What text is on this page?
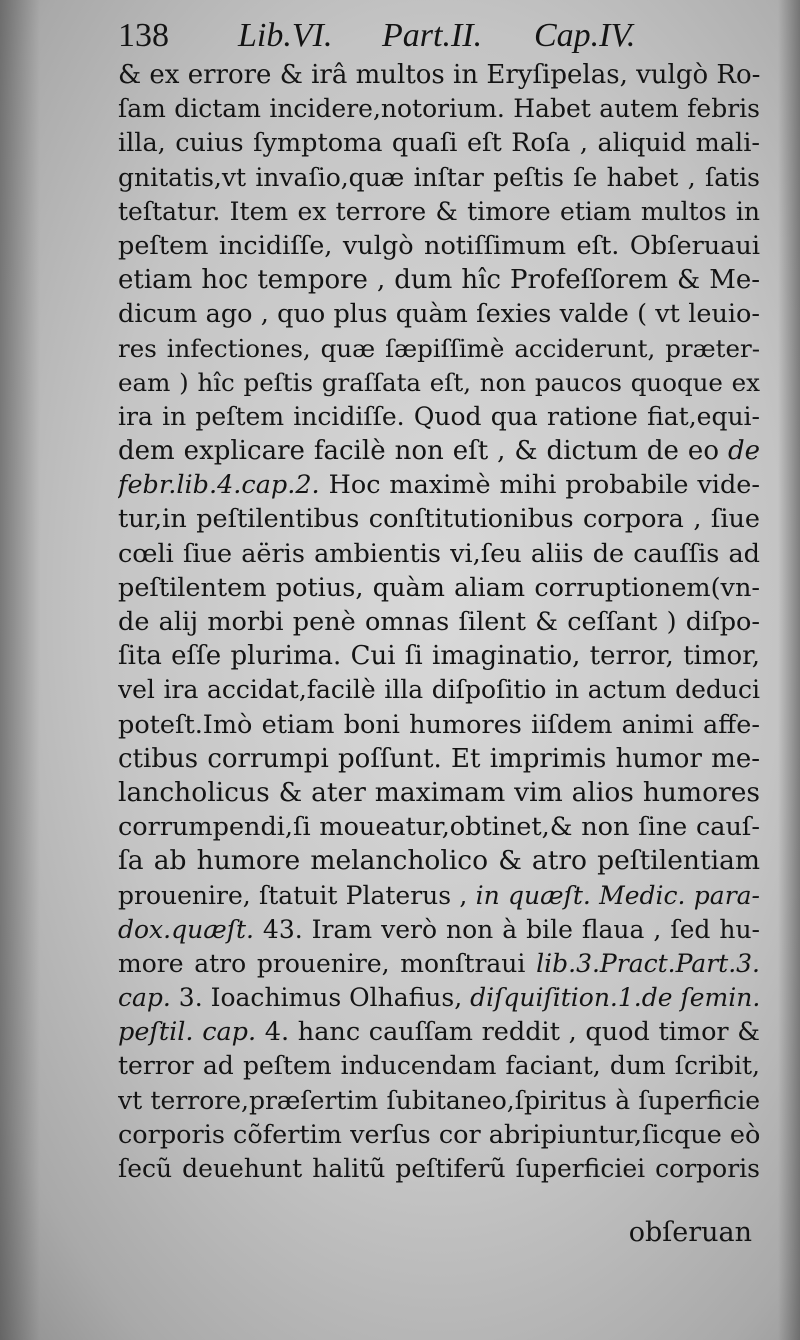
138 Lib.VI. Part.II. Cap.IV.
& ex errore & irâ multos in Eryſipelas, vulgò Ro-
ſam dictam incidere,notorium. Habet autem febris
illa, cuius ſymptoma quaſi eſt Roſa , aliquid mali-
gnitatis,vt invaſio,quæ inſtar peſtis ſe habet , ſatis
teſtatur. Item ex terrore & timore etiam multos in
peſtem incidiſſe, vulgò notiſſimum eſt. Obſeruaui
etiam hoc tempore , dum hîc Profeſſorem & Me-
dicum ago , quo plus quàm ſexies valde ( vt leuio-
res infectiones, quæ ſæpiſſimè acciderunt, præter-
eam ) hîc peſtis graſſata eſt, non paucos quoque ex
ira in peſtem incidiſſe. Quod qua ratione fiat,equi-
dem explicare facilè non eſt , & dictum de eo de
febr.lib.4.cap.2. Hoc maximè mihi probabile vide-
tur,in peſtilentibus conſtitutionibus corpora , ſiue
cœli ſiue aëris ambientis vi,ſeu aliis de cauſſis ad
peſtilentem potius, quàm aliam corruptionem(vn-
de alij morbi penè omnas ſilent & ceſſant ) diſpo-
ſita eſſe plurima. Cui ſi imaginatio, terror, timor,
vel ira accidat,facilè illa diſpoſitio in actum deduci
poteſt.Imò etiam boni humores iiſdem animi affe-
ctibus corrumpi poſſunt. Et imprimis humor me-
lancholicus & ater maximam vim alios humores
corrumpendi,ſi moueatur,obtinet,& non ſine cauſ-
ſa ab humore melancholico & atro peſtilentiam
prouenire, ſtatuit Platerus , in quæſt. Medic. para-
dox.quæſt. 43. Iram verò non à bile flaua , ſed hu-
more atro prouenire, monſtraui lib.3.Pract.Part.3.
cap. 3. Ioachimus Olhafius, diſquiſition.1.de ſemin.
peſtil. cap. 4. hanc cauſſam reddit , quod timor &
terror ad peſtem inducendam faciant, dum ſcribit,
vt terrore,præſertim ſubitaneo,ſpiritus à ſuperficie
corporis cõfertim verſus cor abripiuntur,ſicque eò
ſecũ deuehunt halitũ peſtiferũ ſuperficiei corporis
obſeruan
